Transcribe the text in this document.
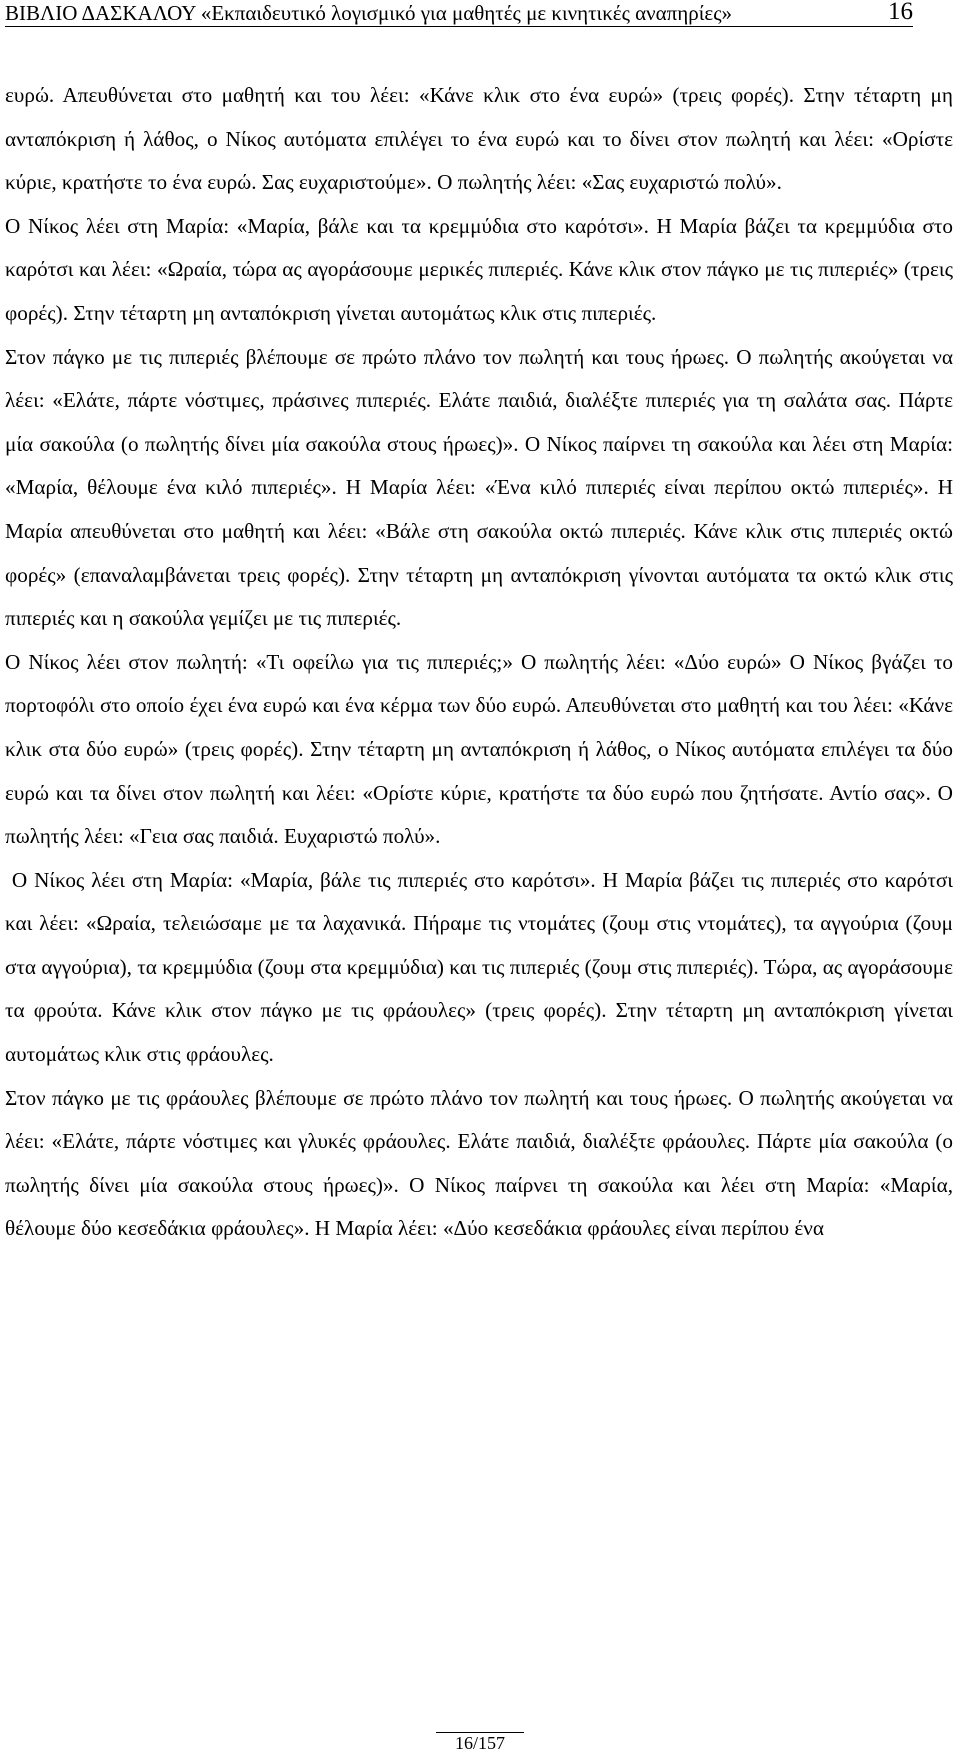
ΒΙΒΛΙΟ ΔΑΣΚΑΛΟΥ «Εκπαιδευτικό λογισμικό για μαθητές με κινητικές αναπηρίες»	16

ευρώ. Απευθύνεται στο μαθητή και του λέει: «Κάνε κλικ στο ένα ευρώ» (τρεις φορές). Στην τέταρτη μη ανταπόκριση ή λάθος, ο Νίκος αυτόματα επιλέγει το ένα ευρώ και το δίνει στον πωλητή και λέει: «Ορίστε κύριε, κρατήστε το ένα ευρώ. Σας ευχαριστούμε». Ο πωλητής λέει: «Σας ευχαριστώ πολύ».

Ο Νίκος λέει στη Μαρία: «Μαρία, βάλε και τα κρεμμύδια στο καρότσι». Η Μαρία βάζει τα κρεμμύδια στο καρότσι και λέει: «Ωραία, τώρα ας αγοράσουμε μερικές πιπεριές. Κάνε κλικ στον πάγκο με τις πιπεριές» (τρεις φορές). Στην τέταρτη μη ανταπόκριση γίνεται αυτομάτως κλικ στις πιπεριές.

Στον πάγκο με τις πιπεριές βλέπουμε σε πρώτο πλάνο τον πωλητή και τους ήρωες. Ο πωλητής ακούγεται να λέει: «Ελάτε, πάρτε νόστιμες, πράσινες πιπεριές. Ελάτε παιδιά, διαλέξτε πιπεριές για τη σαλάτα σας. Πάρτε μία σακούλα (ο πωλητής δίνει μία σακούλα στους ήρωες)». Ο Νίκος παίρνει τη σακούλα και λέει στη Μαρία: «Μαρία, θέλουμε ένα κιλό πιπεριές». Η Μαρία λέει: «Ένα κιλό πιπεριές είναι περίπου οκτώ πιπεριές». Η Μαρία απευθύνεται στο μαθητή και λέει: «Βάλε στη σακούλα οκτώ πιπεριές. Κάνε κλικ στις πιπεριές οκτώ φορές» (επαναλαμβάνεται τρεις φορές). Στην τέταρτη μη ανταπόκριση γίνονται αυτόματα τα οκτώ κλικ στις πιπεριές και η σακούλα γεμίζει με τις πιπεριές.

Ο Νίκος λέει στον πωλητή: «Τι οφείλω για τις πιπεριές;» Ο πωλητής λέει: «Δύο ευρώ» Ο Νίκος βγάζει το πορτοφόλι στο οποίο έχει ένα ευρώ και ένα κέρμα των δύο ευρώ. Απευθύνεται στο μαθητή και του λέει: «Κάνε κλικ στα δύο ευρώ» (τρεις φορές). Στην τέταρτη μη ανταπόκριση ή λάθος, ο Νίκος αυτόματα επιλέγει τα δύο ευρώ και τα δίνει στον πωλητή και λέει: «Ορίστε κύριε, κρατήστε τα δύο ευρώ που ζητήσατε. Αντίο σας». Ο πωλητής λέει: «Γεια σας παιδιά. Ευχαριστώ πολύ».

Ο Νίκος λέει στη Μαρία: «Μαρία, βάλε τις πιπεριές στο καρότσι». Η Μαρία βάζει τις πιπεριές στο καρότσι και λέει: «Ωραία, τελειώσαμε με τα λαχανικά. Πήραμε τις ντομάτες (ζουμ στις ντομάτες), τα αγγούρια (ζουμ στα αγγούρια), τα κρεμμύδια (ζουμ στα κρεμμύδια) και τις πιπεριές (ζουμ στις πιπεριές). Τώρα, ας αγοράσουμε τα φρούτα. Κάνε κλικ στον πάγκο με τις φράουλες» (τρεις φορές). Στην τέταρτη μη ανταπόκριση γίνεται αυτομάτως κλικ στις φράουλες.

Στον πάγκο με τις φράουλες βλέπουμε σε πρώτο πλάνο τον πωλητή και τους ήρωες. Ο πωλητής ακούγεται να λέει: «Ελάτε, πάρτε νόστιμες και γλυκές φράουλες. Ελάτε παιδιά, διαλέξτε φράουλες. Πάρτε μία σακούλα (ο πωλητής δίνει μία σακούλα στους ήρωες)». Ο Νίκος παίρνει τη σακούλα και λέει στη Μαρία: «Μαρία, θέλουμε δύο κεσεδάκια φράουλες». Η Μαρία λέει: «Δύο κεσεδάκια φράουλες είναι περίπου ένα

16/157
